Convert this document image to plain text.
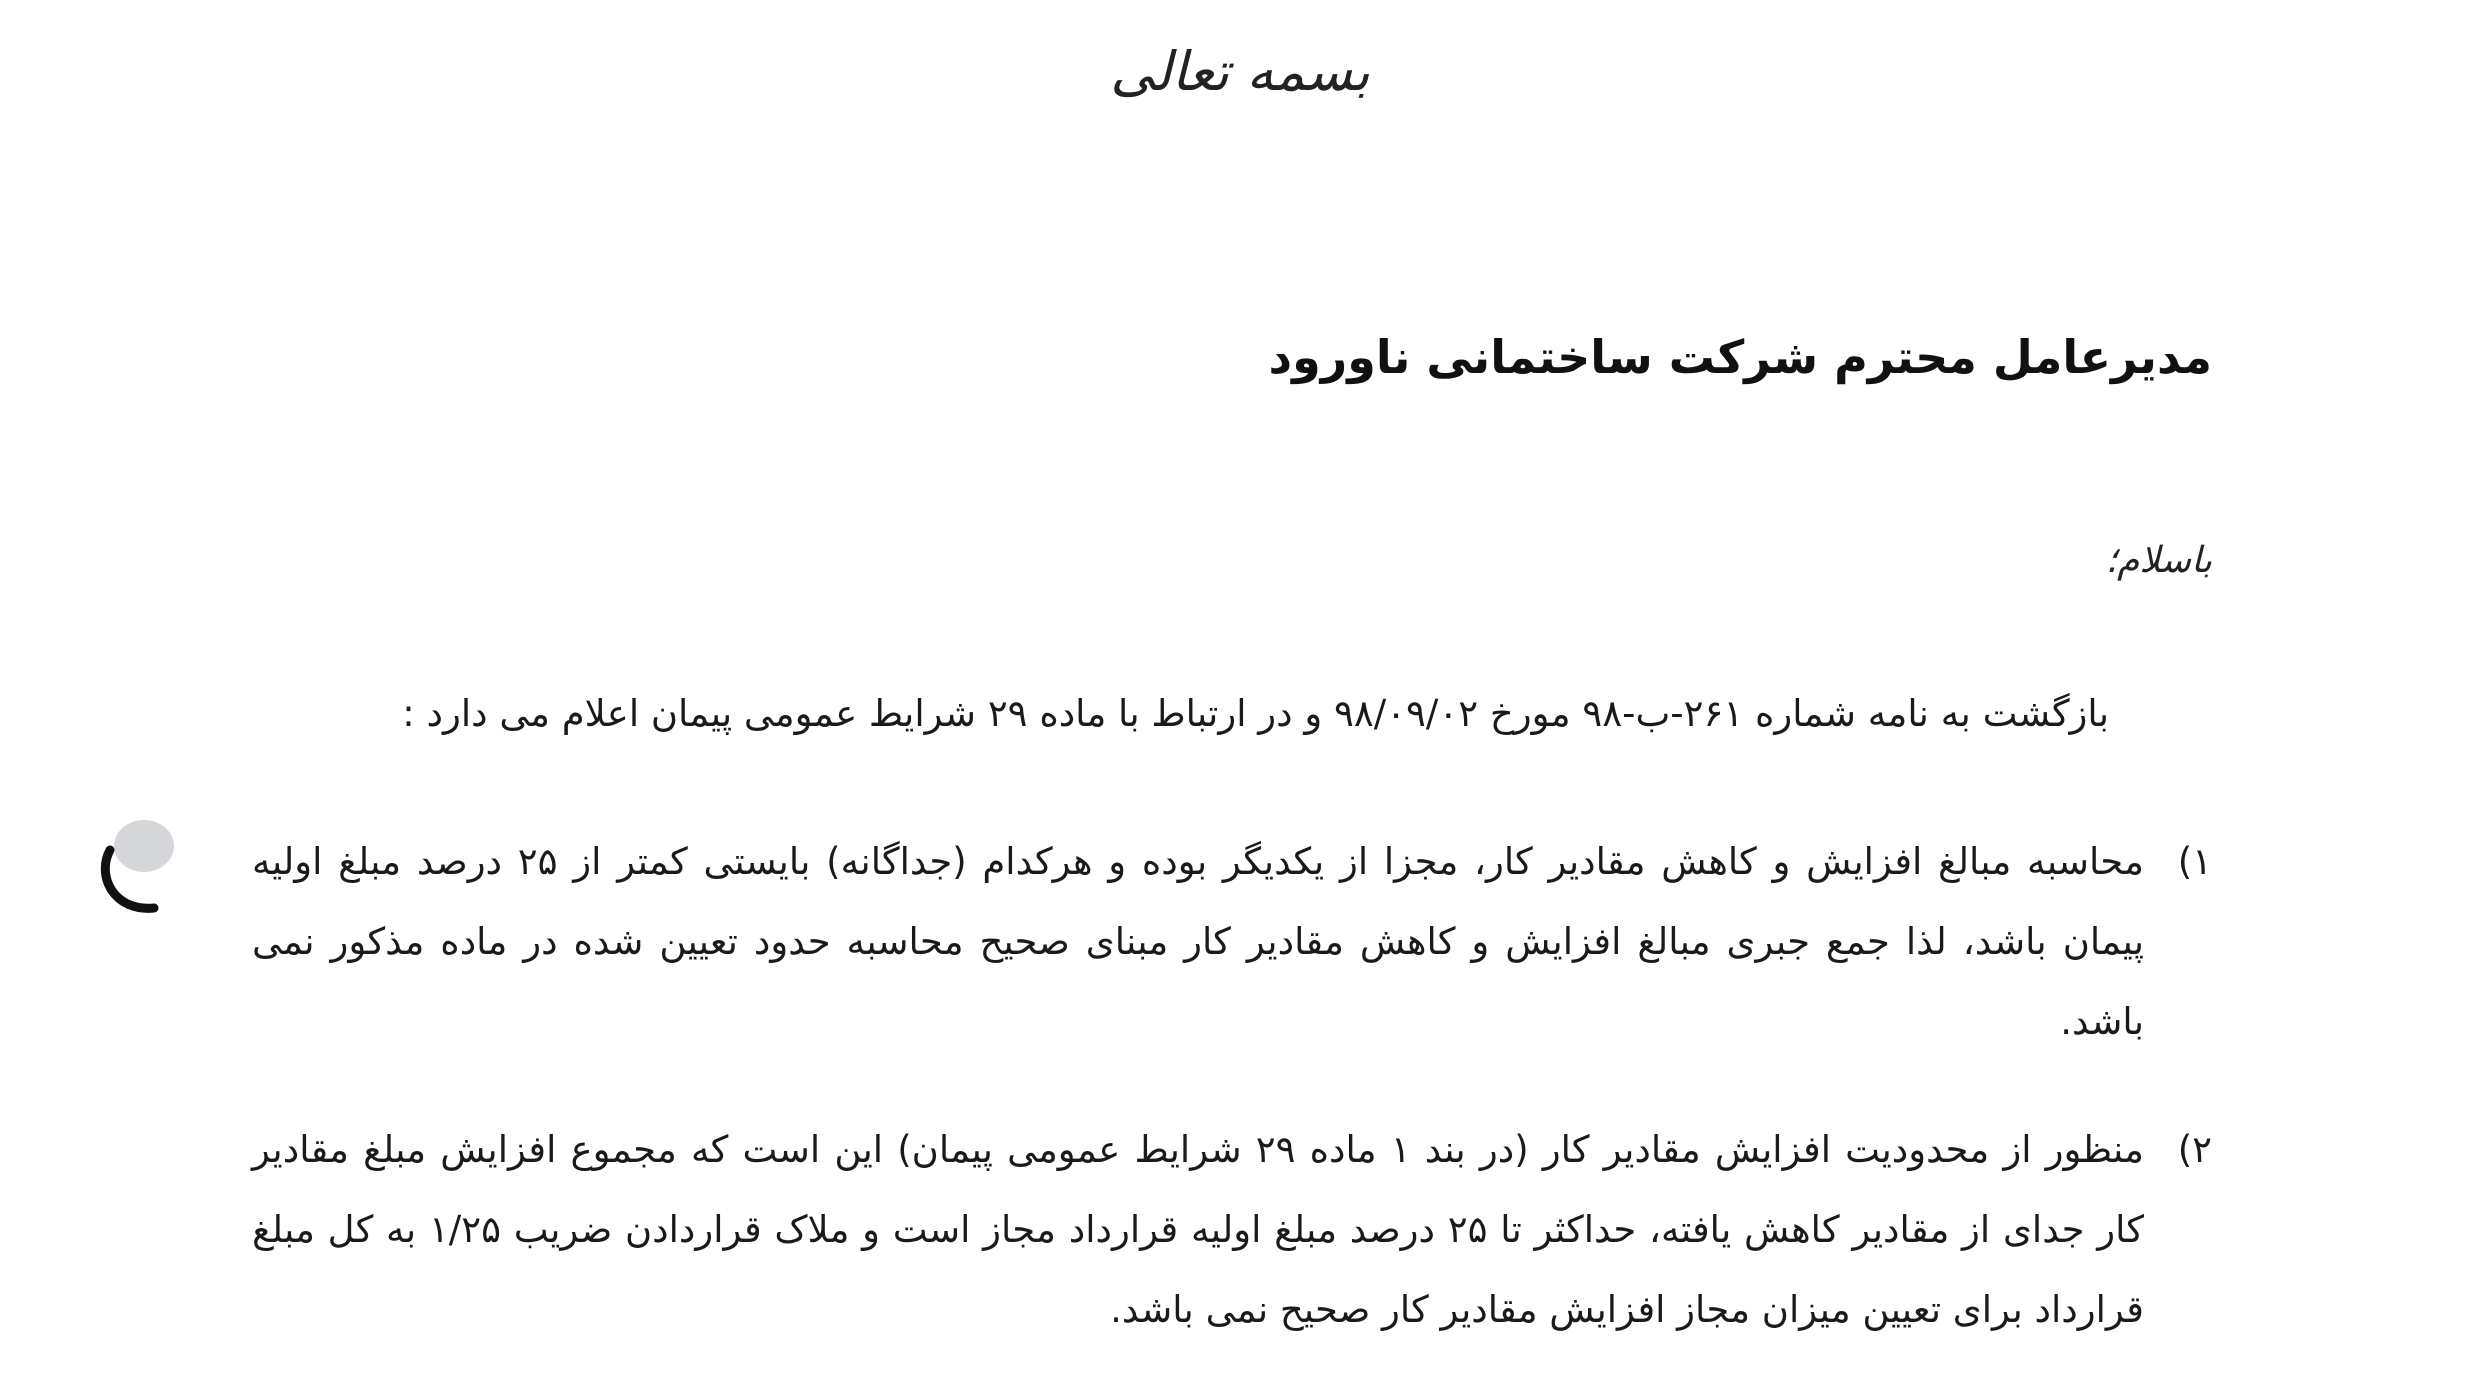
بسمه تعالی
مدیرعامل محترم شرکت ساختمانی ناورود
باسلام؛
بازگشت به نامه شماره ۲۶۱-ب-۹۸ مورخ ۹۸/۰۹/۰۲ و در ارتباط با ماده ۲۹ شرایط عمومی پیمان اعلام می دارد :
۱)
محاسبه مبالغ افزایش و کاهش مقادیر کار، مجزا از یکدیگر بوده و هرکدام (جداگانه) بایستی کمتر از ۲۵ درصد مبلغ اولیه پیمان باشد، لذا جمع جبری مبالغ افزایش و کاهش مقادیر کار مبنای صحیح محاسبه حدود تعیین شده در ماده مذکور نمی باشد.
۲)
منظور از محدودیت افزایش مقادیر کار (در بند ۱ ماده ۲۹ شرایط عمومی پیمان) این است که مجموع افزایش مبلغ مقادیر کار جدای از مقادیر کاهش یافته، حداکثر تا ۲۵ درصد مبلغ اولیه قرارداد مجاز است و ملاک قراردادن ضریب ۱/۲۵ به کل مبلغ قرارداد برای تعیین میزان مجاز افزایش مقادیر کار صحیح نمی باشد.
